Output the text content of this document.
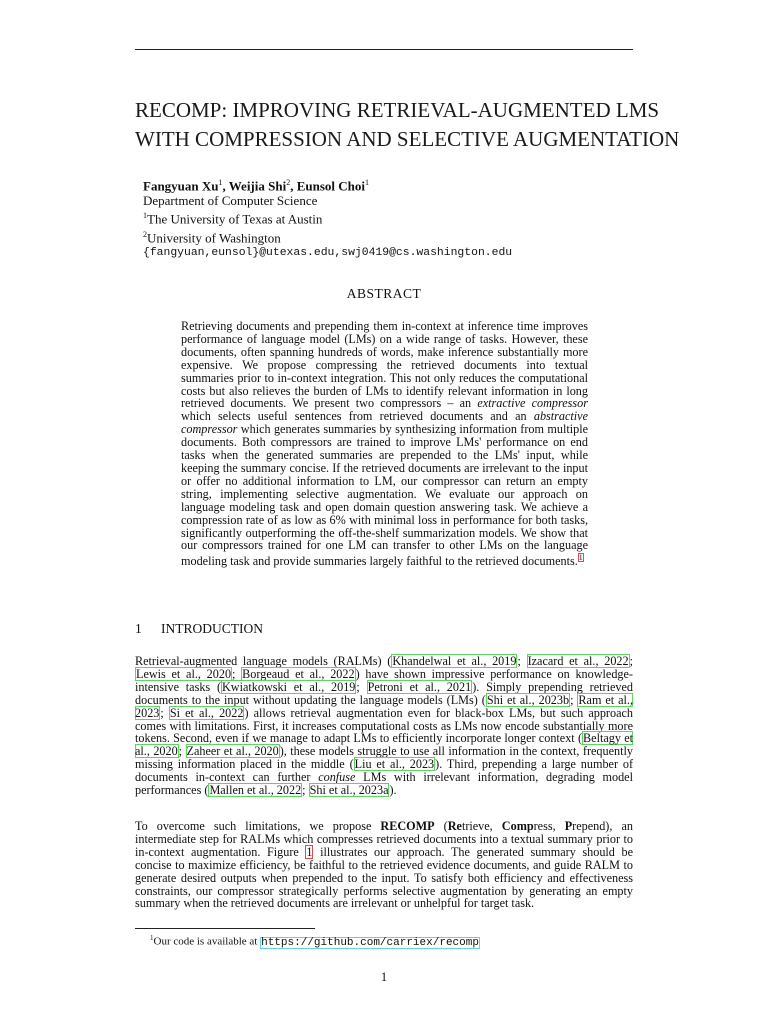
RECOMP: IMPROVING RETRIEVAL-AUGMENTED LMS
WITH COMPRESSION AND SELECTIVE AUGMENTATION
Fangyuan Xu$^1$, Weijia Shi$^2$, Eunsol Choi$^1$
Department of Computer Science
$^1$The University of Texas at Austin
$^2$University of Washington
{fangyuan,eunsol}@utexas.edu,swj0419@cs.washington.edu
ABSTRACT
Retrieving documents and prepending them in-context at inference time improves performance of language model (LMs) on a wide range of tasks. However, these documents, often spanning hundreds of words, make inference substantially more expensive. We propose compressing the retrieved documents into textual summaries prior to in-context integration. This not only reduces the computational costs but also relieves the burden of LMs to identify relevant information in long retrieved documents. We present two compressors – an extractive compressor which selects useful sentences from retrieved documents and an abstractive compressor which generates summaries by synthesizing information from multiple documents. Both compressors are trained to improve LMs' performance on end tasks when the generated summaries are prepended to the LMs' input, while keeping the summary concise. If the retrieved documents are irrelevant to the input or offer no additional information to LM, our compressor can return an empty string, implementing selective augmentation. We evaluate our approach on language modeling task and open domain question answering task. We achieve a compression rate of as low as 6% with minimal loss in performance for both tasks, significantly outperforming the off-the-shelf summarization models. We show that our compressors trained for one LM can transfer to other LMs on the language modeling task and provide summaries largely faithful to the retrieved documents.$^1$
1 INTRODUCTION
Retrieval-augmented language models (RALMs) (Khandelwal et al., 2019; Izacard et al., 2022; Lewis et al., 2020; Borgeaud et al., 2022) have shown impressive performance on knowledge-intensive tasks (Kwiatkowski et al., 2019; Petroni et al., 2021). Simply prepending retrieved documents to the input without updating the language models (LMs) (Shi et al., 2023b; Ram et al., 2023; Si et al., 2022) allows retrieval augmentation even for black-box LMs, but such approach comes with limitations. First, it increases computational costs as LMs now encode substantially more tokens. Second, even if we manage to adapt LMs to efficiently incorporate longer context (Beltagy et al., 2020; Zaheer et al., 2020), these models struggle to use all information in the context, frequently missing information placed in the middle (Liu et al., 2023). Third, prepending a large number of documents in-context can further confuse LMs with irrelevant information, degrading model performances (Mallen et al., 2022; Shi et al., 2023a).
To overcome such limitations, we propose RECOMP (Retrieve, Compress, Prepend), an intermediate step for RALMs which compresses retrieved documents into a textual summary prior to in-context augmentation. Figure 1 illustrates our approach. The generated summary should be concise to maximize efficiency, be faithful to the retrieved evidence documents, and guide RALM to generate desired outputs when prepended to the input. To satisfy both efficiency and effectiveness constraints, our compressor strategically performs selective augmentation by generating an empty summary when the retrieved documents are irrelevant or unhelpful for target task.
$^1$Our code is available at https://github.com/carriex/recomp
1
